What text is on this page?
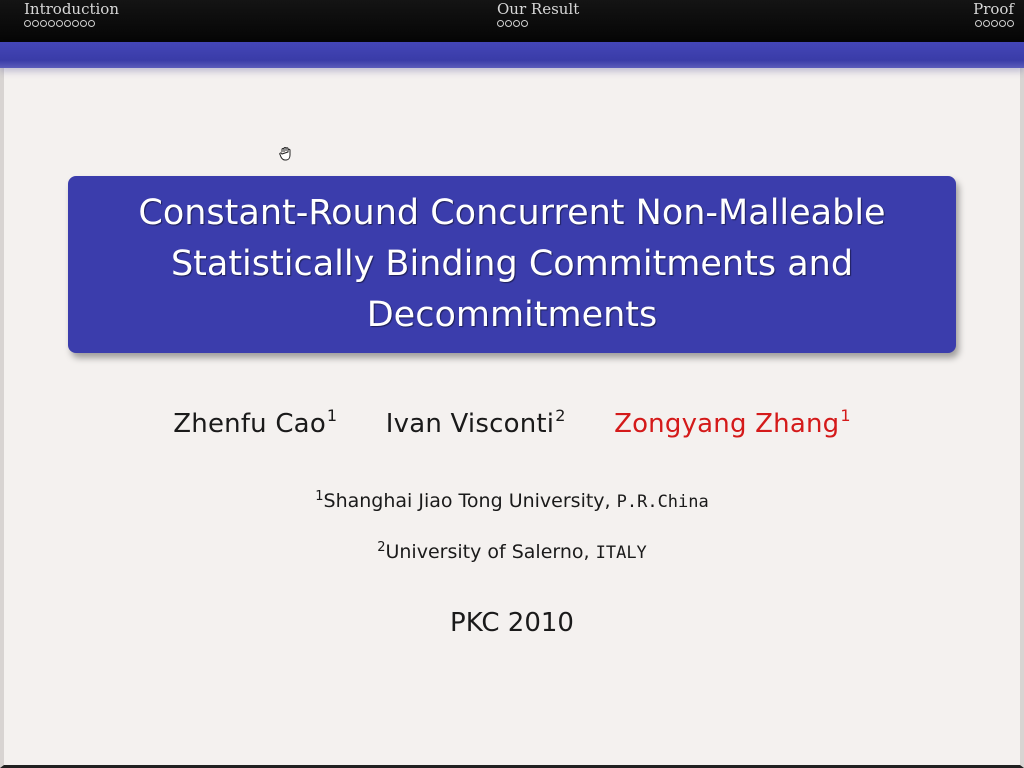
Introduction	Our Result	Proof
Constant-Round Concurrent Non-Malleable Statistically Binding Commitments and Decommitments
Zhenfu Cao$^1$ Ivan Visconti$^2$ Zongyang Zhang$^1$
$^1$Shanghai Jiao Tong University, P.R.China
$^2$University of Salerno, ITALY
PKC 2010
